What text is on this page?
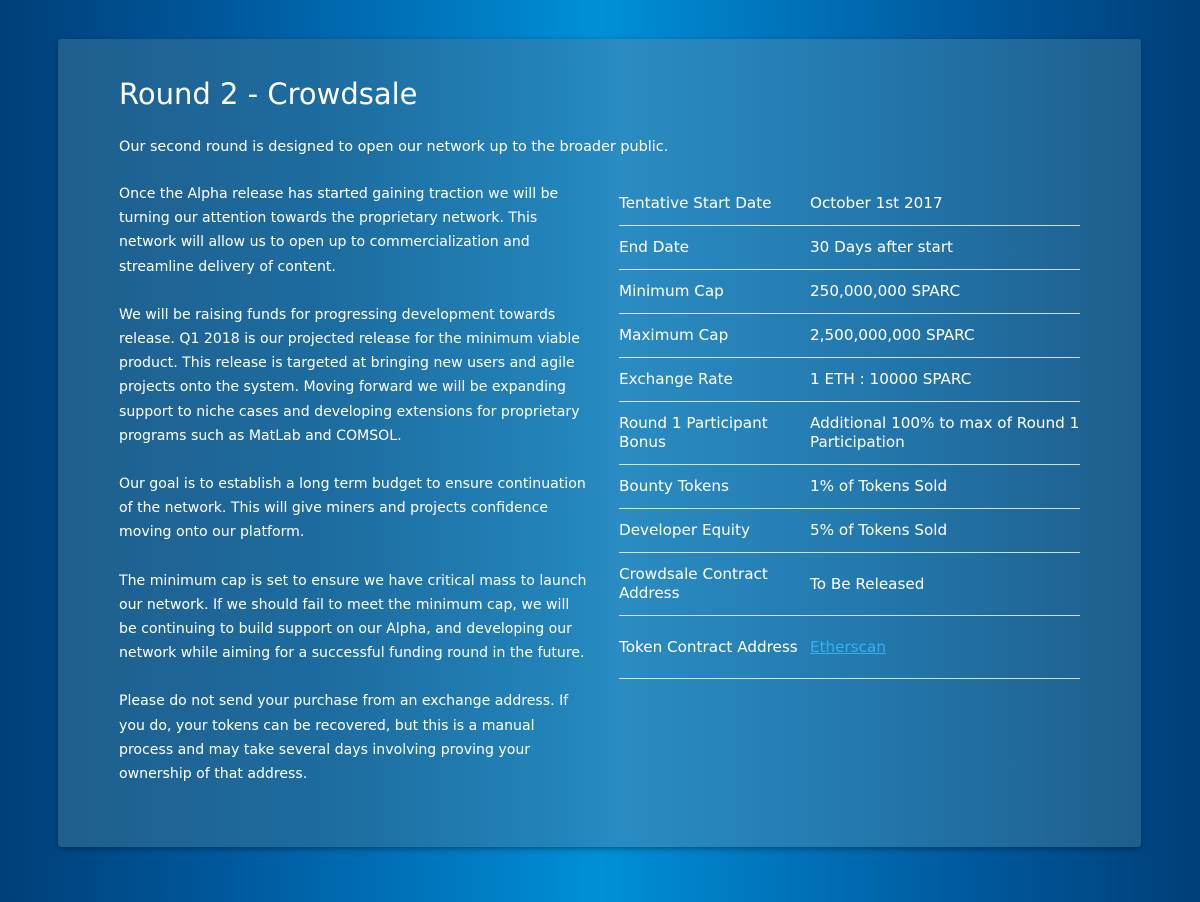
Round 2 - Crowdsale

Our second round is designed to open our network up to the broader public.

Once the Alpha release has started gaining traction we will be turning our attention towards the proprietary network. This network will allow us to open up to commercialization and streamline delivery of content.

We will be raising funds for progressing development towards release. Q1 2018 is our projected release for the minimum viable product. This release is targeted at bringing new users and agile projects onto the system. Moving forward we will be expanding support to niche cases and developing extensions for proprietary programs such as MatLab and COMSOL.

Our goal is to establish a long term budget to ensure continuation of the network. This will give miners and projects confidence moving onto our platform.

The minimum cap is set to ensure we have critical mass to launch our network. If we should fail to meet the minimum cap, we will be continuing to build support on our Alpha, and developing our network while aiming for a successful funding round in the future.

Please do not send your purchase from an exchange address. If you do, your tokens can be recovered, but this is a manual process and may take several days involving proving your ownership of that address.

Tentative Start Date	October 1st 2017
End Date	30 Days after start
Minimum Cap	250,000,000 SPARC
Maximum Cap	2,500,000,000 SPARC
Exchange Rate	1 ETH : 10000 SPARC
Round 1 Participant Bonus	Additional 100% to max of Round 1 Participation
Bounty Tokens	1% of Tokens Sold
Developer Equity	5% of Tokens Sold
Crowdsale Contract Address	To Be Released
Token Contract Address	Etherscan
